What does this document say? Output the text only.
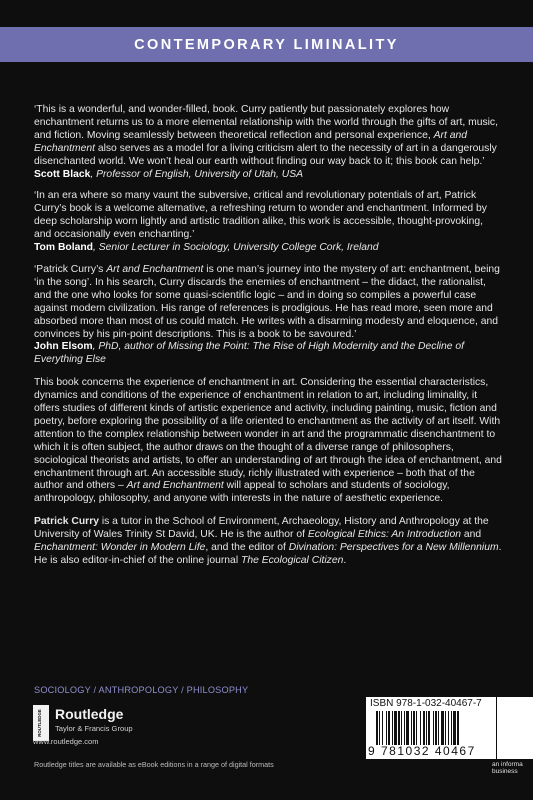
CONTEMPORARY LIMINALITY

‘This is a wonderful, and wonder-filled, book. Curry patiently but passionately explores how enchantment returns us to a more elemental relationship with the world through the gifts of art, music, and fiction. Moving seamlessly between theoretical reflection and personal experience, Art and Enchantment also serves as a model for a living criticism alert to the necessity of art in a dangerously disenchanted world. We won’t heal our earth without finding our way back to it; this book can help.’

Scott Black, Professor of English, University of Utah, USA

‘In an era where so many vaunt the subversive, critical and revolutionary potentials of art, Patrick Curry’s book is a welcome alternative, a refreshing return to wonder and enchantment. Informed by deep scholarship worn lightly and artistic tradition alike, this work is accessible, thought-provoking, and occasionally even enchanting.’

Tom Boland, Senior Lecturer in Sociology, University College Cork, Ireland

‘Patrick Curry’s Art and Enchantment is one man’s journey into the mystery of art: enchantment, being ‘in the song’. In his search, Curry discards the enemies of enchantment – the didact, the rationalist, and the one who looks for some quasi-scientific logic – and in doing so compiles a powerful case against modern civilization. His range of references is prodigious. He has read more, seen more and absorbed more than most of us could match. He writes with a disarming modesty and eloquence, and convinces by his pin-point descriptions. This is a book to be savoured.’

John Elsom, PhD, author of Missing the Point: The Rise of High Modernity and the Decline of Everything Else

This book concerns the experience of enchantment in art. Considering the essential characteristics, dynamics and conditions of the experience of enchantment in relation to art, including liminality, it offers studies of different kinds of artistic experience and activity, including painting, music, fiction and poetry, before exploring the possibility of a life oriented to enchantment as the activity of art itself. With attention to the complex relationship between wonder in art and the programmatic disenchantment to which it is often subject, the author draws on the thought of a diverse range of philosophers, sociological theorists and artists, to offer an understanding of art through the idea of enchantment, and enchantment through art. An accessible study, richly illustrated with experience – both that of the author and others – Art and Enchantment will appeal to scholars and students of sociology, anthropology, philosophy, and anyone with interests in the nature of aesthetic experience.

Patrick Curry is a tutor in the School of Environment, Archaeology, History and Anthropology at the University of Wales Trinity St David, UK. He is the author of Ecological Ethics: An Introduction and Enchantment: Wonder in Modern Life, and the editor of Divination: Perspectives for a New Millennium. He is also editor-in-chief of the online journal The Ecological Citizen.

SOCIOLOGY / ANTHROPOLOGY / PHILOSOPHY
ROUTLEDGE Routledge
Taylor & Francis Group
www.routledge.com
Routledge titles are available as eBook editions in a range of digital formats
ISBN 978-1-032-40467-7
9 781032 40467
an informa business
